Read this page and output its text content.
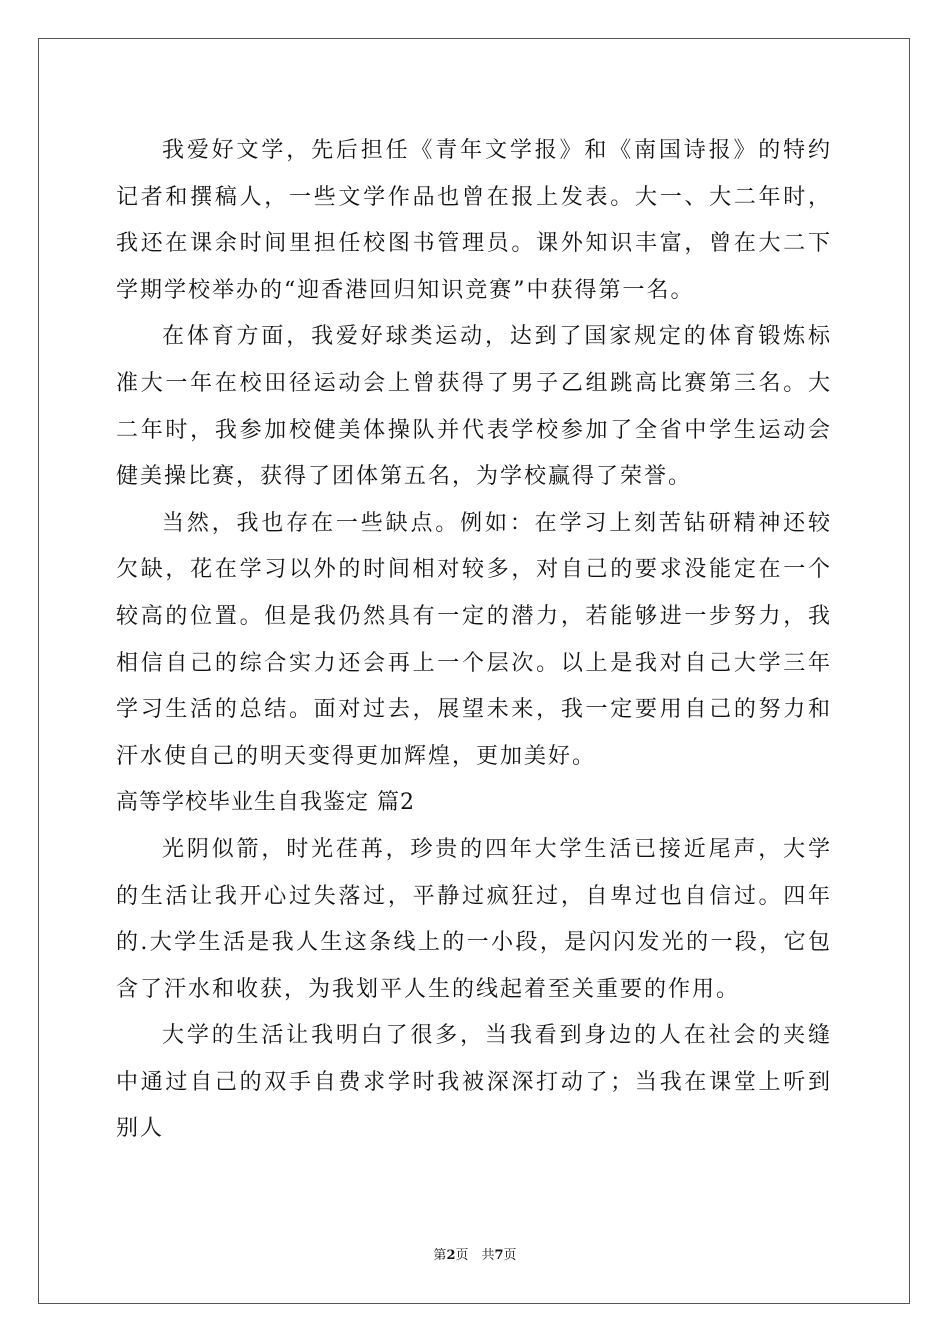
我爱好文学，先后担任《青年文学报》和《南国诗报》的特约记者和撰稿人，一些文学作品也曾在报上发表。大一、大二年时，我还在课余时间里担任校图书管理员。课外知识丰富，曾在大二下学期学校举办的“迎香港回归知识竞赛”中获得第一名。

在体育方面，我爱好球类运动，达到了国家规定的体育锻炼标准大一年在校田径运动会上曾获得了男子乙组跳高比赛第三名。大二年时，我参加校健美体操队并代表学校参加了全省中学生运动会健美操比赛，获得了团体第五名，为学校赢得了荣誉。

当然，我也存在一些缺点。例如：在学习上刻苦钻研精神还较欠缺，花在学习以外的时间相对较多，对自己的要求没能定在一个较高的位置。但是我仍然具有一定的潜力，若能够进一步努力，我相信自己的综合实力还会再上一个层次。以上是我对自己大学三年学习生活的总结。面对过去，展望未来，我一定要用自己的努力和汗水使自己的明天变得更加辉煌，更加美好。

高等学校毕业生自我鉴定 篇2

光阴似箭，时光荏苒，珍贵的四年大学生活已接近尾声，大学的生活让我开心过失落过，平静过疯狂过，自卑过也自信过。四年的.大学生活是我人生这条线上的一小段，是闪闪发光的一段，它包含了汗水和收获，为我划平人生的线起着至关重要的作用。

大学的生活让我明白了很多，当我看到身边的人在社会的夹缝中通过自己的双手自费求学时我被深深打动了；当我在课堂上听到别人

第2页　共7页
